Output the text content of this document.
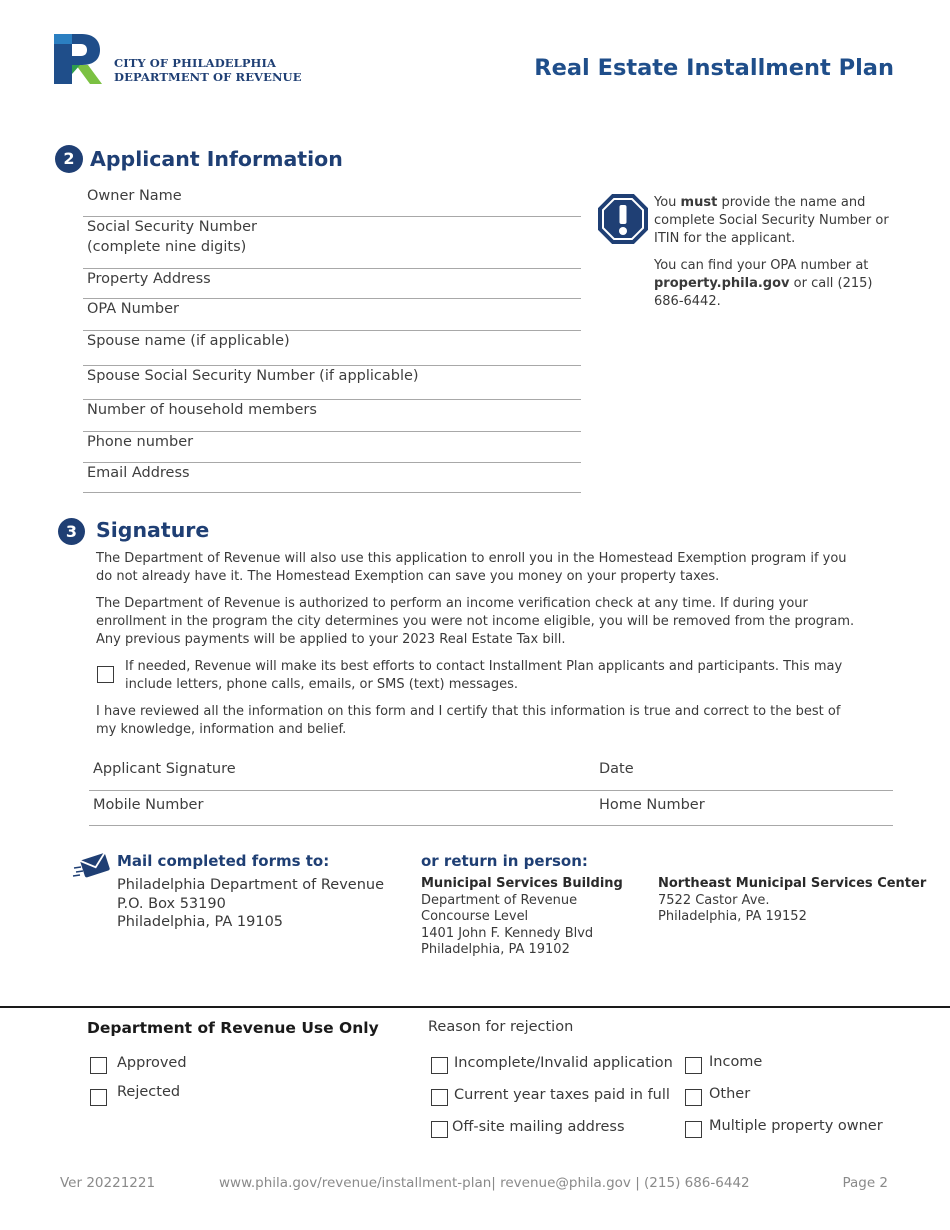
CITY OF PHILADELPHIA
DEPARTMENT OF REVENUE	Real Estate Installment Plan
2 Applicant Information
Owner Name
Social Security Number
(complete nine digits)
Property Address
OPA Number
Spouse name (if applicable)
Spouse Social Security Number (if applicable)
Number of household members
Phone number
Email Address

You must provide the name and complete Social Security Number or ITIN for the applicant.

You can find your OPA number at property.phila.gov or call (215) 686-6442.

3 Signature
The Department of Revenue will also use this application to enroll you in the Homestead Exemption program if you do not already have it. The Homestead Exemption can save you money on your property taxes.
The Department of Revenue is authorized to perform an income verification check at any time. If during your enrollment in the program the city determines you were not income eligible, you will be removed from the program. Any previous payments will be applied to your 2023 Real Estate Tax bill.
If needed, Revenue will make its best efforts to contact Installment Plan applicants and participants. This may include letters, phone calls, emails, or SMS (text) messages.
I have reviewed all the information on this form and I certify that this information is true and correct to the best of my knowledge, information and belief.
Applicant Signature	Date
Mobile Number	Home Number
Mail completed forms to:
Philadelphia Department of Revenue
P.O. Box 53190
Philadelphia, PA 19105
or return in person:
Municipal Services Building
Department of Revenue
Concourse Level
1401 John F. Kennedy Blvd
Philadelphia, PA 19102
Northeast Municipal Services Center
7522 Castor Ave.
Philadelphia, PA 19152
Department of Revenue Use Only
Approved
Rejected
Reason for rejection
Incomplete/Invalid application
Current year taxes paid in full
Off-site mailing address
Income
Other
Multiple property owner
Ver 20221221	www.phila.gov/revenue/installment-plan| revenue@phila.gov | (215) 686-6442	Page 2
